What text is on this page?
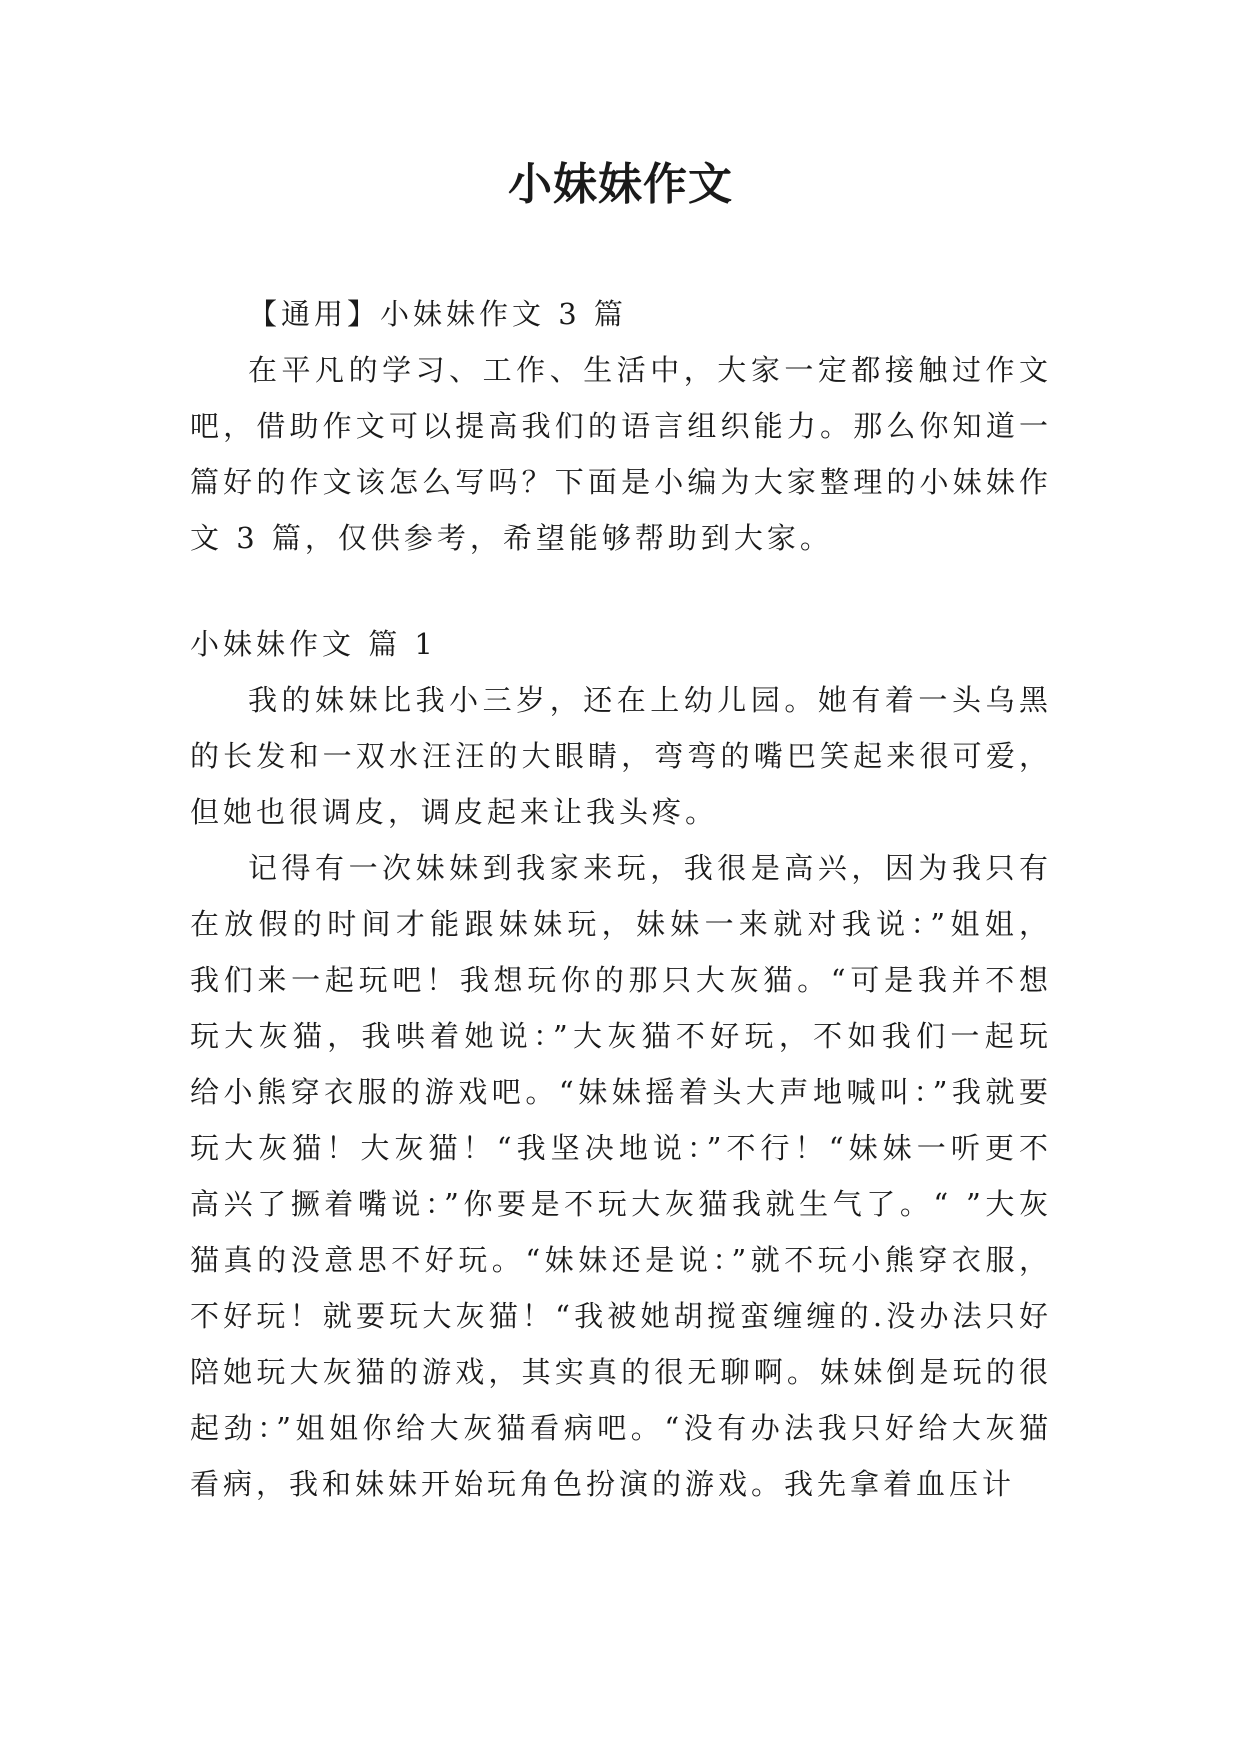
小妹妹作文

【通用】小妹妹作文 3 篇

在平凡的学习、工作、生活中，大家一定都接触过作文吧，借助作文可以提高我们的语言组织能力。那么你知道一篇好的作文该怎么写吗？下面是小编为大家整理的小妹妹作文 3 篇，仅供参考，希望能够帮助到大家。

小妹妹作文 篇 1

我的妹妹比我小三岁，还在上幼儿园。她有着一头乌黑的长发和一双水汪汪的大眼睛，弯弯的嘴巴笑起来很可爱，但她也很调皮，调皮起来让我头疼。

记得有一次妹妹到我家来玩，我很是高兴，因为我只有在放假的时间才能跟妹妹玩，妹妹一来就对我说：”姐姐，我们来一起玩吧！我想玩你的那只大灰猫。“可是我并不想玩大灰猫，我哄着她说：”大灰猫不好玩，不如我们一起玩给小熊穿衣服的游戏吧。“妹妹摇着头大声地喊叫：”我就要玩大灰猫！大灰猫！“我坚决地说：”不行！“妹妹一听更不高兴了撅着嘴说：”你要是不玩大灰猫我就生气了。“ ”大灰猫真的没意思不好玩。“妹妹还是说：”就不玩小熊穿衣服，不好玩！就要玩大灰猫！“我被她胡搅蛮缠缠的.没办法只好陪她玩大灰猫的游戏，其实真的很无聊啊。妹妹倒是玩的很起劲：”姐姐你给大灰猫看病吧。“没有办法我只好给大灰猫看病，我和妹妹开始玩角色扮演的游戏。我先拿着血压计
